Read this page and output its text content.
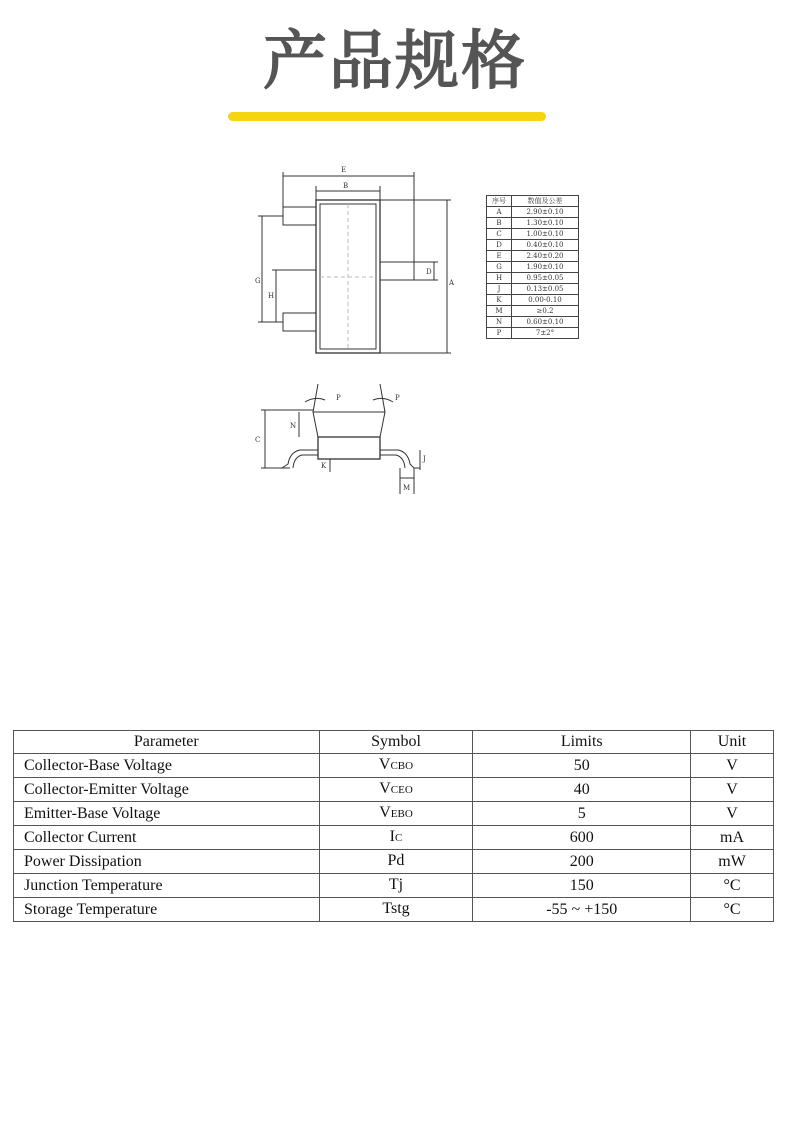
产品规格
E
B
G
H
D
A
C
N
K
J
M
P	P
序号	数值及公差
A	2.90±0.10
B	1.30±0.10
C	1.00±0.10
D	0.40±0.10
E	2.40±0.20
G	1.90±0.10
H	0.95±0.05
J	0.13±0.05
K	0.00-0.10
M	≥0.2
N	0.60±0.10
P	7±2°
Parameter	Symbol	Limits	Unit
Collector-Base Voltage	VCBO	50	V
Collector-Emitter Voltage	VCEO	40	V
Emitter-Base Voltage	VEBO	5	V
Collector Current	IC	600	mA
Power Dissipation	Pd	200	mW
Junction Temperature	Tj	150	°C
Storage Temperature	Tstg	-55 ~ +150	°C
